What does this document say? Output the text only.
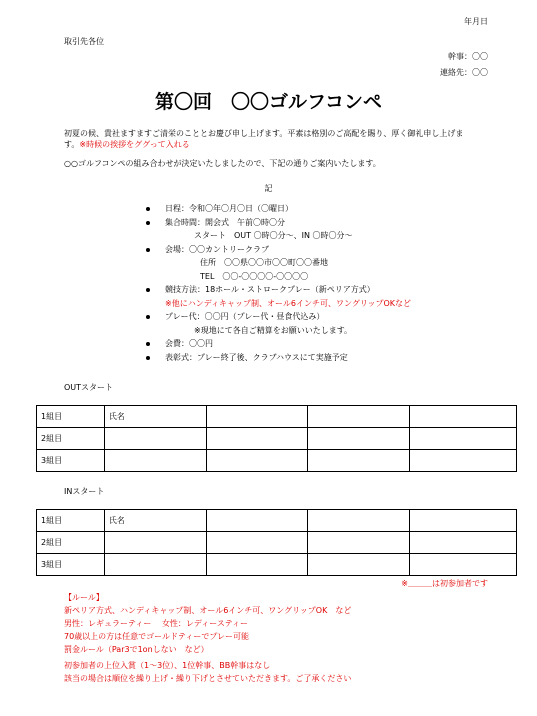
年月日
取引先各位
幹事：〇〇
連絡先：〇〇
第〇回　〇〇ゴルフコンペ
初夏の候、貴社ますますご清栄のこととお慶び申し上げます。平素は格別のご高配を賜り、厚く御礼申し上げま
す。※時候の挨拶をググって入れる
○○ゴルフコンペの組み合わせが決定いたしましたので、下記の通りご案内いたします。
記
日程：令和〇年〇月〇日（〇曜日）
集合時間：開会式　午前〇時〇分
スタート　OUT 〇時〇分～、IN 〇時〇分～
会場：〇〇カントリークラブ
住所　〇〇県〇〇市〇〇町〇〇番地
TEL　〇〇-〇〇〇〇-〇〇〇〇
競技方法：18ホール・ストロークプレー（新ペリア方式）
※他にハンディキャップ制、オール6インチ可、ワングリップOKなど
プレー代：〇〇円（プレー代・昼食代込み）
※現地にて各自ご精算をお願いいたします。
会費：〇〇円
表彰式：プレー終了後、クラブハウスにて実施予定
OUTスタート
1組目	氏名			
2組目				
3組目				
INスタート
1組目	氏名			
2組目				
3組目				
※＿＿＿は初参加者です
【ルール】
新ペリア方式、ハンディキャップ制、オール6インチ可、ワングリップOK　など
男性：レギュラーティー　 女性：レディースティー
70歳以上の方は任意でゴールドティーでプレー可能
罰金ルール（Par3で1onしない　など）
初参加者の上位入賞（1～3位）、1位幹事、BB幹事はなし
該当の場合は順位を繰り上げ・繰り下げとさせていただきます。ご了承ください
